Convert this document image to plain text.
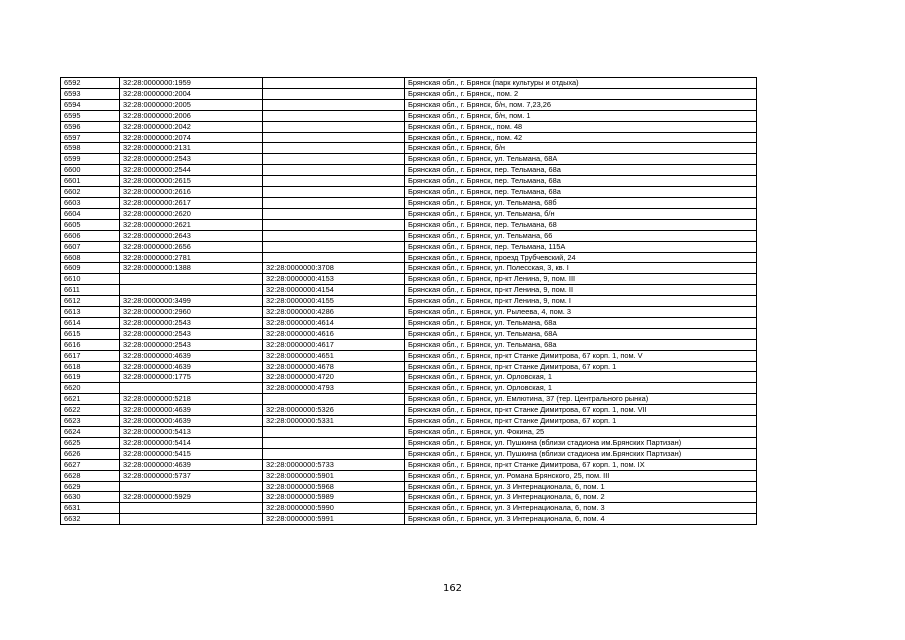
6592	32:28:0000000:1959		Брянская обл., г. Брянск (парк культуры и отдыха)
6593	32:28:0000000:2004		Брянская обл., г. Брянск,, пом. 2
6594	32:28:0000000:2005		Брянская обл., г. Брянск, б/н, пом. 7,23,26
6595	32:28:0000000:2006		Брянская обл., г. Брянск, б/н, пом. 1
6596	32:28:0000000:2042		Брянская обл., г. Брянск,, пом. 48
6597	32:28:0000000:2074		Брянская обл., г. Брянск,, пом. 42
6598	32:28:0000000:2131		Брянская обл., г. Брянск, б/н
6599	32:28:0000000:2543		Брянская обл., г. Брянск, ул. Тельмана, 68А
6600	32:28:0000000:2544		Брянская обл., г. Брянск, пер. Тельмана, 68а
6601	32:28:0000000:2615		Брянская обл., г. Брянск, пер. Тельмана, 68а
6602	32:28:0000000:2616		Брянская обл., г. Брянск, пер. Тельмана, 68а
6603	32:28:0000000:2617		Брянская обл., г. Брянск, ул. Тельмана, 68б
6604	32:28:0000000:2620		Брянская обл., г. Брянск, ул. Тельмана, б/н
6605	32:28:0000000:2621		Брянская обл., г. Брянск, пер. Тельмана, 68
6606	32:28:0000000:2643		Брянская обл., г. Брянск, ул. Тельмана, 66
6607	32:28:0000000:2656		Брянская обл., г. Брянск, пер. Тельмана, 115А
6608	32:28:0000000:2781		Брянская обл., г. Брянск, проезд Трубчевский, 24
6609	32:28:0000000:1388	32:28:0000000:3708	Брянская обл., г. Брянск, ул. Полесская, 3, кв. I
6610		32:28:0000000:4153	Брянская обл., г. Брянск, пр-кт Ленина, 9, пом. III
6611		32:28:0000000:4154	Брянская обл., г. Брянск, пр-кт Ленина, 9, пом. II
6612	32:28:0000000:3499	32:28:0000000:4155	Брянская обл., г. Брянск, пр-кт Ленина, 9, пом. I
6613	32:28:0000000:2960	32:28:0000000:4286	Брянская обл., г. Брянск, ул. Рылеева, 4, пом. 3
6614	32:28:0000000:2543	32:28:0000000:4614	Брянская обл., г. Брянск, ул. Тельмана, 68а
6615	32:28:0000000:2543	32:28:0000000:4616	Брянская обл., г. Брянск, ул. Тельмана, 68А
6616	32:28:0000000:2543	32:28:0000000:4617	Брянская обл., г. Брянск, ул. Тельмана, 68а
6617	32:28:0000000:4639	32:28:0000000:4651	Брянская обл., г. Брянск, пр-кт Станке Димитрова, 67 корп. 1, пом. V
6618	32:28:0000000:4639	32:28:0000000:4678	Брянская обл., г. Брянск, пр-кт Станке Димитрова, 67 корп. 1
6619	32:28:0000000:1775	32:28:0000000:4720	Брянская обл., г. Брянск, ул. Орловская, 1
6620		32:28:0000000:4793	Брянская обл., г. Брянск, ул. Орловская, 1
6621	32:28:0000000:5218		Брянская обл., г. Брянск, ул. Емлютина, 37 (тер. Центрального рынка)
6622	32:28:0000000:4639	32:28:0000000:5326	Брянская обл., г. Брянск, пр-кт Станке Димитрова, 67 корп. 1, пом. VII
6623	32:28:0000000:4639	32:28:0000000:5331	Брянская обл., г. Брянск, пр-кт Станке Димитрова, 67 корп. 1
6624	32:28:0000000:5413		Брянская обл., г. Брянск, ул. Фокина, 25
6625	32:28:0000000:5414		Брянская обл., г. Брянск, ул. Пушкина (вблизи стадиона им.Брянских Партизан)
6626	32:28:0000000:5415		Брянская обл., г. Брянск, ул. Пушкина (вблизи стадиона им.Брянских Партизан)
6627	32:28:0000000:4639	32:28:0000000:5733	Брянская обл., г. Брянск, пр-кт Станке Димитрова, 67 корп. 1, пом. IX
6628	32:28:0000000:5737	32:28:0000000:5901	Брянская обл., г. Брянск, ул. Романа Брянского, 25, пом. III
6629		32:28:0000000:5968	Брянская обл., г. Брянск, ул. 3 Интернационала, 6, пом. 1
6630	32:28:0000000:5929	32:28:0000000:5989	Брянская обл., г. Брянск, ул. 3 Интернационала, 6, пом. 2
6631		32:28:0000000:5990	Брянская обл., г. Брянск, ул. 3 Интернационала, 6, пом. 3
6632		32:28:0000000:5991	Брянская обл., г. Брянск, ул. 3 Интернационала, 6, пом. 4
162
